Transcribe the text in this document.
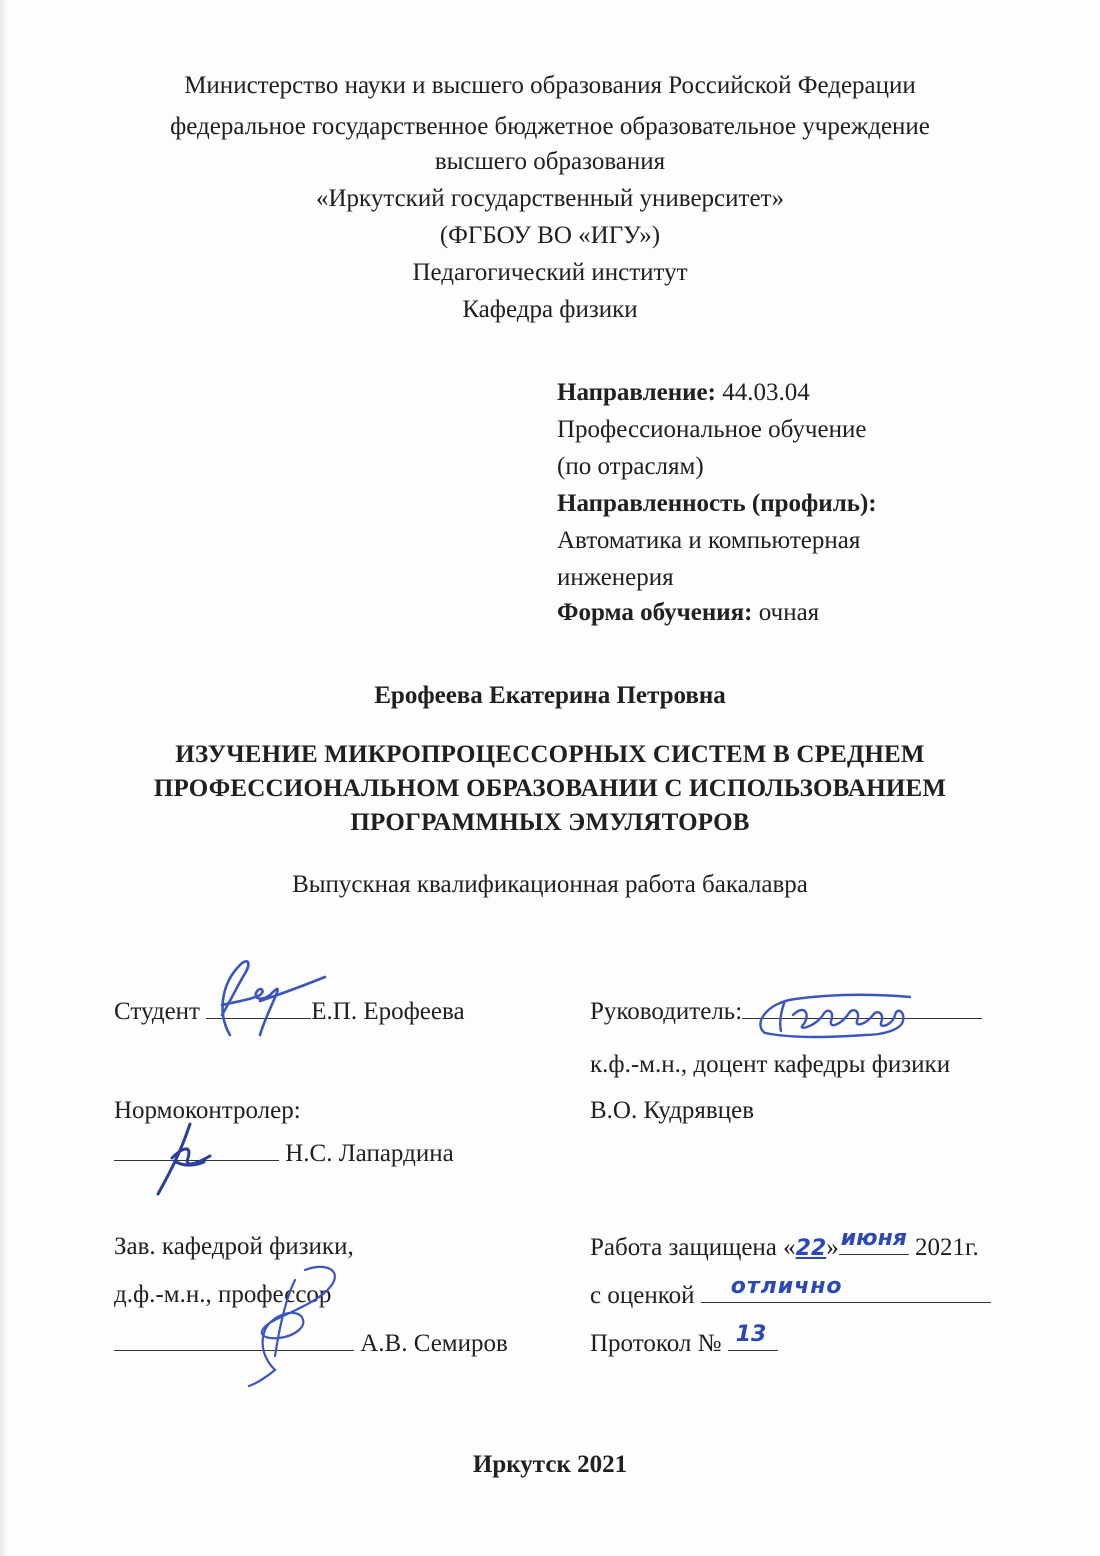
Министерство науки и высшего образования Российской Федерации
федеральное государственное бюджетное образовательное учреждение
высшего образования
«Иркутский государственный университет»
(ФГБОУ ВО «ИГУ»)
Педагогический институт
Кафедра физики
Направление: 44.03.04
Профессиональное обучение
(по отраслям)
Направленность (профиль):
Автоматика и компьютерная
инженерия
Форма обучения: очная
Ерофеева Екатерина Петровна
ИЗУЧЕНИЕ МИКРОПРОЦЕССОРНЫХ СИСТЕМ В СРЕДНЕМ
ПРОФЕССИОНАЛЬНОМ ОБРАЗОВАНИИ С ИСПОЛЬЗОВАНИЕМ
ПРОГРАММНЫХ ЭМУЛЯТОРОВ
Выпускная квалификационная работа бакалавра
Студент	Е.П. Ерофеева	Руководитель:
к.ф.-м.н., доцент кафедры физики
В.О. Кудрявцев
Нормоконтролер:
Н.С. Лапардина
Зав. кафедрой физики,
д.ф.-м.н., профессор
А.В. Семиров
Работа защищена «22» июня 2021г.
с оценкой отлично
Протокол № 13
Иркутск 2021
